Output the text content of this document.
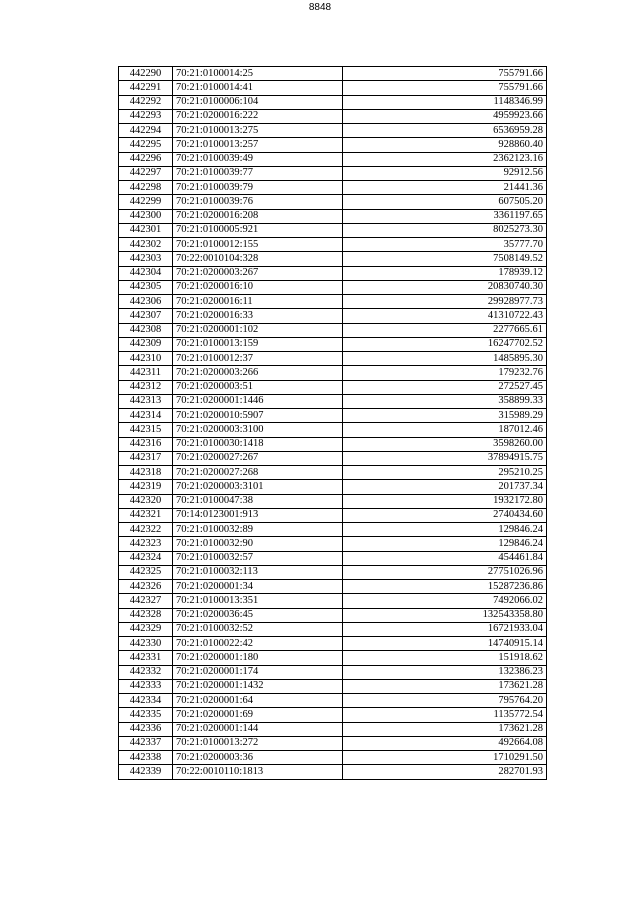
8848
442290	70:21:0100014:25	755791.66
442291	70:21:0100014:41	755791.66
442292	70:21:0100006:104	1148346.99
442293	70:21:0200016:222	4959923.66
442294	70:21:0100013:275	6536959.28
442295	70:21:0100013:257	928860.40
442296	70:21:0100039:49	2362123.16
442297	70:21:0100039:77	92912.56
442298	70:21:0100039:79	21441.36
442299	70:21:0100039:76	607505.20
442300	70:21:0200016:208	3361197.65
442301	70:21:0100005:921	8025273.30
442302	70:21:0100012:155	35777.70
442303	70:22:0010104:328	7508149.52
442304	70:21:0200003:267	178939.12
442305	70:21:0200016:10	20830740.30
442306	70:21:0200016:11	29928977.73
442307	70:21:0200016:33	41310722.43
442308	70:21:0200001:102	2277665.61
442309	70:21:0100013:159	16247702.52
442310	70:21:0100012:37	1485895.30
442311	70:21:0200003:266	179232.76
442312	70:21:0200003:51	272527.45
442313	70:21:0200001:1446	358899.33
442314	70:21:0200010:5907	315989.29
442315	70:21:0200003:3100	187012.46
442316	70:21:0100030:1418	3598260.00
442317	70:21:0200027:267	37894915.75
442318	70:21:0200027:268	295210.25
442319	70:21:0200003:3101	201737.34
442320	70:21:0100047:38	1932172.80
442321	70:14:0123001:913	2740434.60
442322	70:21:0100032:89	129846.24
442323	70:21:0100032:90	129846.24
442324	70:21:0100032:57	454461.84
442325	70:21:0100032:113	27751026.96
442326	70:21:0200001:34	15287236.86
442327	70:21:0100013:351	7492066.02
442328	70:21:0200036:45	132543358.80
442329	70:21:0100032:52	16721933.04
442330	70:21:0100022:42	14740915.14
442331	70:21:0200001:180	151918.62
442332	70:21:0200001:174	132386.23
442333	70:21:0200001:1432	173621.28
442334	70:21:0200001:64	795764.20
442335	70:21:0200001:69	1135772.54
442336	70:21:0200001:144	173621.28
442337	70:21:0100013:272	492664.08
442338	70:21:0200003:36	1710291.50
442339	70:22:0010110:1813	282701.93
